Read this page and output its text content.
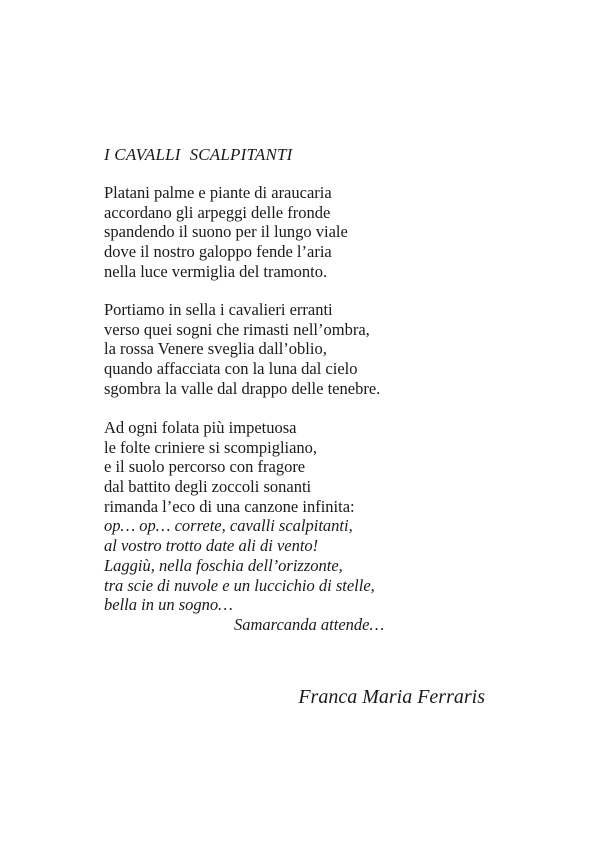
I CAVALLI  SCALPITANTI
Platani palme e piante di araucaria
accordano gli arpeggi delle fronde
spandendo il suono per il lungo viale
dove il nostro galoppo fende l’aria
nella luce vermiglia del tramonto.
Portiamo in sella i cavalieri erranti
verso quei sogni che rimasti nell’ombra,
la rossa Venere sveglia dall’oblio,
quando affacciata con la luna dal cielo
sgombra la valle dal drappo delle tenebre.
Ad ogni folata più impetuosa
le folte criniere si scompigliano,
e il suolo percorso con fragore
dal battito degli zoccoli sonanti
rimanda l’eco di una canzone infinita:
op… op… correte, cavalli scalpitanti,
al vostro trotto date ali di vento!
Laggiù, nella foschia dell’orizzonte,
tra scie di nuvole e un luccichio di stelle,
bella in un sogno…
Samarcanda attende…
Franca Maria Ferraris
